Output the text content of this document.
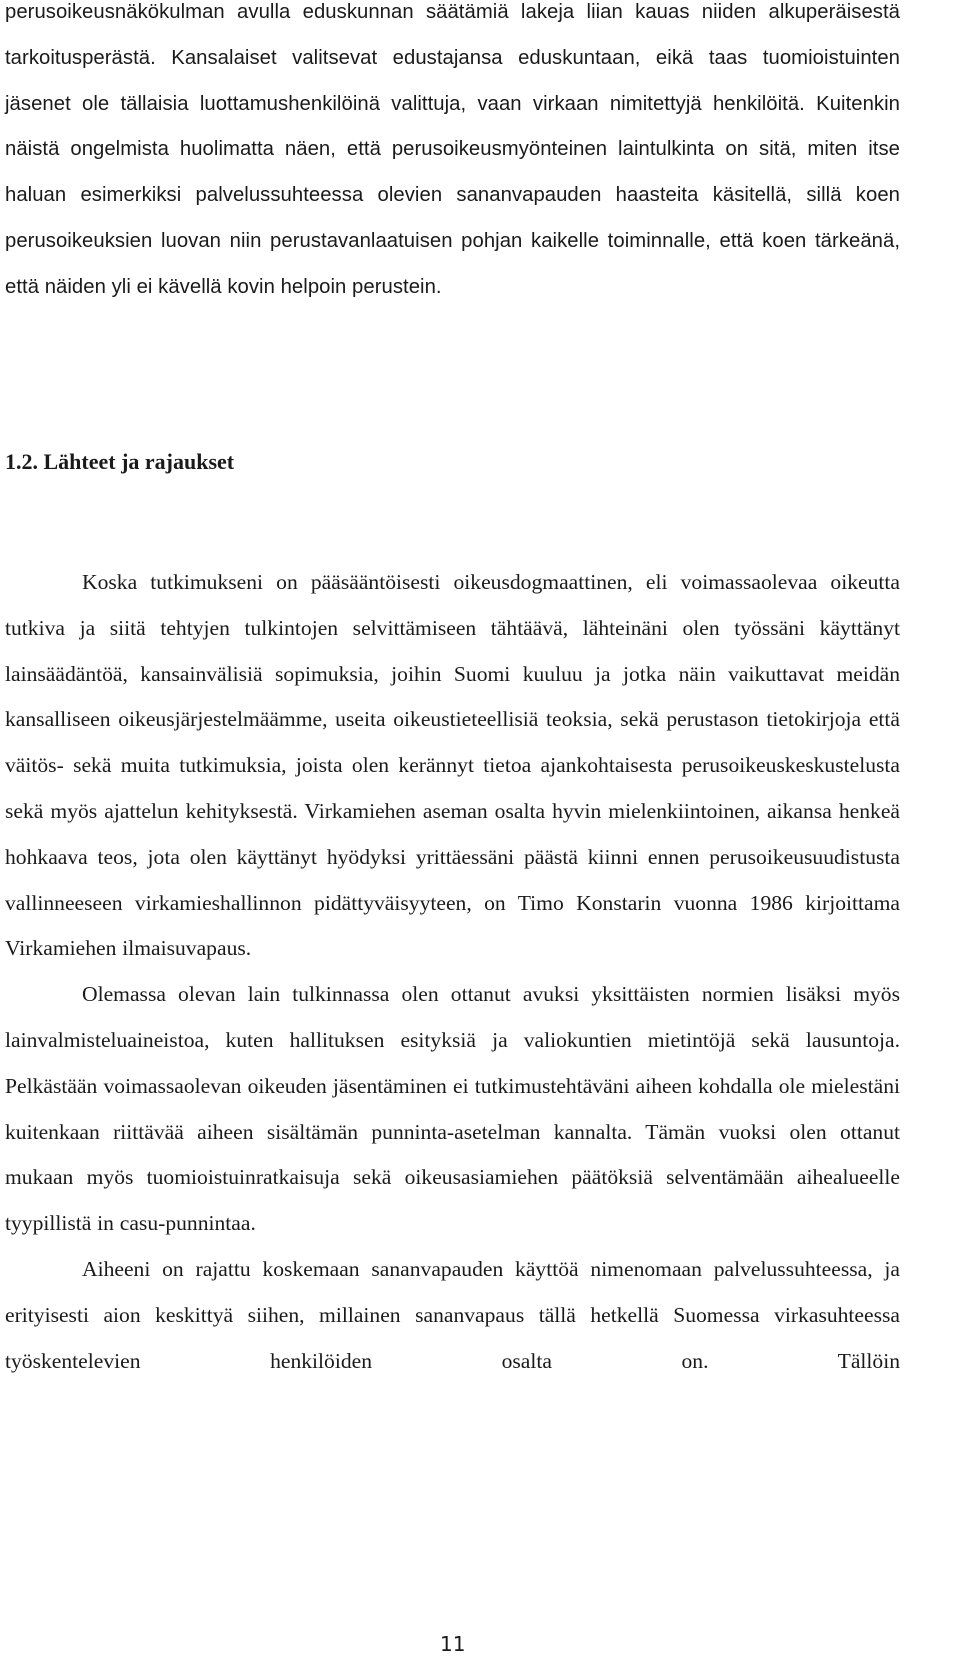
perusoikeusnäkökulman avulla eduskunnan säätämiä lakeja liian kauas niiden alkuperäisestä tarkoitusperästä. Kansalaiset valitsevat edustajansa eduskuntaan, eikä taas tuomioistuinten jäsenet ole tällaisia luottamushenkilöinä valittuja, vaan virkaan nimitettyjä henkilöitä. Kuitenkin näistä ongelmista huolimatta näen, että perusoikeusmyönteinen laintulkinta on sitä, miten itse haluan esimerkiksi palvelussuhteessa olevien sananvapauden haasteita käsitellä, sillä koen perusoikeuksien luovan niin perustavanlaatuisen pohjan kaikelle toiminnalle, että koen tärkeänä, että näiden yli ei kävellä kovin helpoin perustein.

1.2. Lähteet ja rajaukset

Koska tutkimukseni on pääsääntöisesti oikeusdogmaattinen, eli voimassaolevaa oikeutta tutkiva ja siitä tehtyjen tulkintojen selvittämiseen tähtäävä, lähteinäni olen työssäni käyttänyt lainsäädäntöä, kansainvälisiä sopimuksia, joihin Suomi kuuluu ja jotka näin vaikuttavat meidän kansalliseen oikeusjärjestelmäämme, useita oikeustieteellisiä teoksia, sekä perustason tietokirjoja että väitös- sekä muita tutkimuksia, joista olen kerännyt tietoa ajankohtaisesta perusoikeuskeskustelusta sekä myös ajattelun kehityksestä. Virkamiehen aseman osalta hyvin mielenkiintoinen, aikansa henkeä hohkaava teos, jota olen käyttänyt hyödyksi yrittäessäni päästä kiinni ennen perusoikeusuudistusta vallinneeseen virkamieshallinnon pidättyväisyyteen, on Timo Konstarin vuonna 1986 kirjoittama Virkamiehen ilmaisuvapaus.

Olemassa olevan lain tulkinnassa olen ottanut avuksi yksittäisten normien lisäksi myös lainvalmisteluaineistoa, kuten hallituksen esityksiä ja valiokuntien mietintöjä sekä lausuntoja. Pelkästään voimassaolevan oikeuden jäsentäminen ei tutkimustehtäväni aiheen kohdalla ole mielestäni kuitenkaan riittävää aiheen sisältämän punninta-asetelman kannalta. Tämän vuoksi olen ottanut mukaan myös tuomioistuinratkaisuja sekä oikeusasiamiehen päätöksiä selventämään aihealueelle tyypillistä in casu-punnintaa.

Aiheeni on rajattu koskemaan sananvapauden käyttöä nimenomaan palvelussuhteessa, ja erityisesti aion keskittyä siihen, millainen sananvapaus tällä hetkellä Suomessa virkasuhteessa työskentelevien henkilöiden osalta on. Tällöin

11
